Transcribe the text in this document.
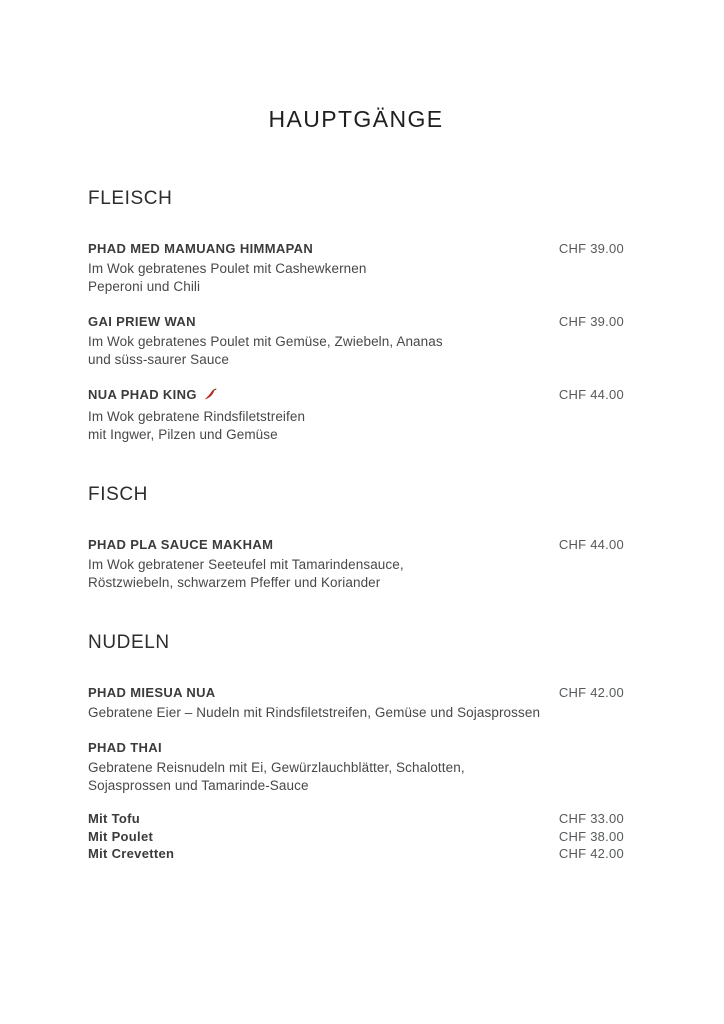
HAUPTGÄNGE
FLEISCH
PHAD MED MAMUANG HIMMAPAN	CHF 39.00
Im Wok gebratenes Poulet mit Cashewkernen
Peperoni und Chili
GAI PRIEW WAN	CHF 39.00
Im Wok gebratenes Poulet mit Gemüse, Zwiebeln, Ananas
und süss-saurer Sauce
NUA PHAD KING	CHF 44.00
Im Wok gebratene Rindsfiletstreifen
mit Ingwer, Pilzen und Gemüse
FISCH
PHAD PLA SAUCE MAKHAM	CHF 44.00
Im Wok gebratener Seeteufel mit Tamarindensauce,
Röstzwiebeln, schwarzem Pfeffer und Koriander
NUDELN
PHAD MIESUA NUA	CHF 42.00
Gebratene Eier – Nudeln mit Rindsfiletstreifen, Gemüse und Sojasprossen
PHAD THAI
Gebratene Reisnudeln mit Ei, Gewürzlauchblätter, Schalotten,
Sojasprossen und Tamarinde-Sauce
Mit Tofu	CHF 33.00
Mit Poulet	CHF 38.00
Mit Crevetten	CHF 42.00
